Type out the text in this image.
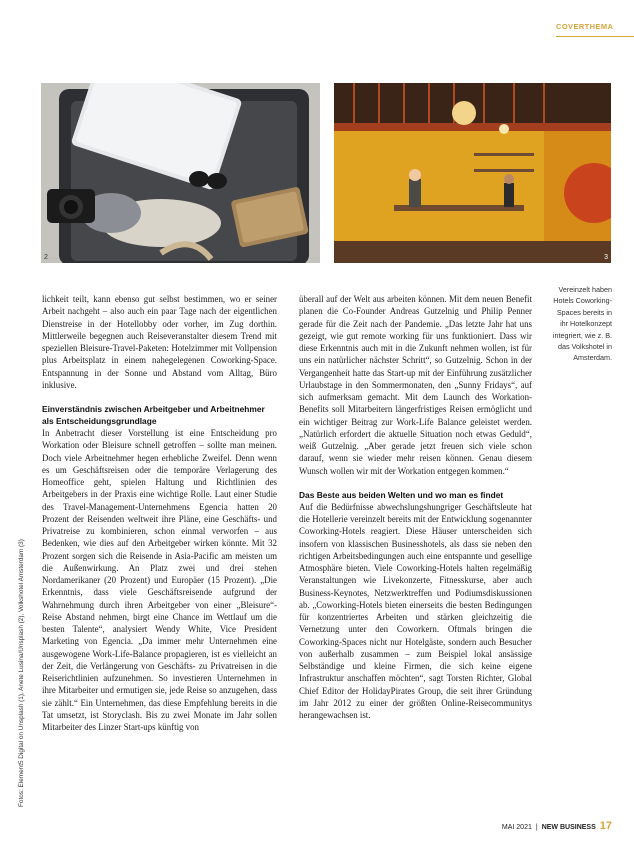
COVERTHEMA
2	3
Vereinzelt haben Hotels Coworking-Spaces bereits in ihr Hotelkonzept integriert, wie z. B. das Volkshotel in Amsterdam.
Fotos: Element5 Digital on Unsplash (1), Anete Lusina/Unsplash (2), Volkshotel Amsterdam (3)

lichkeit teilt, kann ebenso gut selbst bestimmen, wo er seiner Arbeit nachgeht – also auch ein paar Tage nach der eigentlichen Dienstreise in der Hotellobby oder vorher, im Zug dorthin. Mittlerweile begegnen auch Reiseveranstalter diesem Trend mit speziellen Bleisure-Travel-Paketen: Hotelzimmer mit Vollpension plus Arbeitsplatz in einem nahegelegenen Coworking-Space. Entspannung in der Sonne und Abstand vom Alltag, Büro inklusive.

Einverständnis zwischen Arbeitgeber und Arbeitnehmer als Entscheidungsgrundlage

In Anbetracht dieser Vorstellung ist eine Entscheidung pro Workation oder Bleisure schnell getroffen – sollte man meinen. Doch viele Arbeitnehmer hegen erhebliche Zweifel. Denn wenn es um Geschäftsreisen oder die temporäre Verlagerung des Homeoffice geht, spielen Haltung und Richtlinien des Arbeitgebers in der Praxis eine wichtige Rolle. Laut einer Studie des Travel-Management-Unternehmens Egencia hatten 20 Prozent der Reisenden weltweit ihre Pläne, eine Geschäfts- und Privatreise zu kombinieren, schon einmal verworfen – aus Bedenken, wie dies auf den Arbeitgeber wirken könnte. Mit 32 Prozent sorgen sich die Reisende in Asia-Pacific am meisten um die Außenwirkung. An Platz zwei und drei stehen Nordamerikaner (20 Prozent) und Europäer (15 Prozent). „Die Erkenntnis, dass viele Geschäftsreisende aufgrund der Wahrnehmung durch ihren Arbeitgeber von einer „Bleisure“-Reise Abstand nehmen, birgt eine Chance im Wettlauf um die besten Talente“, analysiert Wendy White, Vice President Marketing von Egencia. „Da immer mehr Unternehmen eine ausgewogene Work-Life-Balance propagieren, ist es vielleicht an der Zeit, die Verlängerung von Geschäfts- zu Privatreisen in die Reiserichtlinien aufzunehmen. So investieren Unternehmen in ihre Mitarbeiter und ermutigen sie, jede Reise so anzugehen, dass sie zählt.“ Ein Unternehmen, das diese Empfehlung bereits in die Tat umsetzt, ist Storyclash. Bis zu zwei Monate im Jahr sollen Mitarbeiter des Linzer Start-ups künftig von

überall auf der Welt aus arbeiten können. Mit dem neuen Benefit planen die Co-Founder Andreas Gutzelnig und Philip Penner gerade für die Zeit nach der Pandemie. „Das letzte Jahr hat uns gezeigt, wie gut remote working für uns funktioniert. Dass wir diese Erkenntnis auch mit in die Zukunft nehmen wollen, ist für uns ein natürlicher nächster Schritt“, so Gutzelnig. Schon in der Vergangenheit hatte das Start-up mit der Einführung zusätzlicher Urlaubstage in den Sommermonaten, den „Sunny Fridays“, auf sich aufmerksam gemacht. Mit dem Launch des Workation-Benefits soll Mitarbeitern längerfristiges Reisen ermöglicht und ein wichtiger Beitrag zur Work-Life Balance geleistet werden. „Natürlich erfordert die aktuelle Situation noch etwas Geduld“, weiß Gutzelnig. „Aber gerade jetzt freuen sich viele schon darauf, wenn sie wieder mehr reisen können. Genau diesem Wunsch wollen wir mit der Workation entgegen kommen.“

Das Beste aus beiden Welten und wo man es findet

Auf die Bedürfnisse abwechslungshungriger Geschäftsleute hat die Hotellerie vereinzelt bereits mit der Entwicklung sogenannter Coworking-Hotels reagiert. Diese Häuser unterscheiden sich insofern von klassischen Businesshotels, als dass sie neben den richtigen Arbeitsbedingungen auch eine entspannte und gesellige Atmosphäre bieten. Viele Coworking-Hotels halten regelmäßig Veranstaltungen wie Livekonzerte, Fitnesskurse, aber auch Business-Keynotes, Netzwerktreffen und Podiumsdiskussionen ab. „Coworking-Hotels bieten einerseits die besten Bedingungen für konzentriertes Arbeiten und stärken gleichzeitig die Vernetzung unter den Coworkern. Oftmals bringen die Coworking-Spaces nicht nur Hotelgäste, sondern auch Besucher von außerhalb zusammen – zum Beispiel lokal ansässige Selbständige und kleine Firmen, die sich keine eigene Infrastruktur anschaffen möchten“, sagt Torsten Richter, Global Chief Editor der HolidayPirates Group, die seit ihrer Gründung im Jahr 2012 zu einer der größten Online-Reisecommunitys herangewachsen ist.

MAI 2021 | NEW BUSINESS 17
